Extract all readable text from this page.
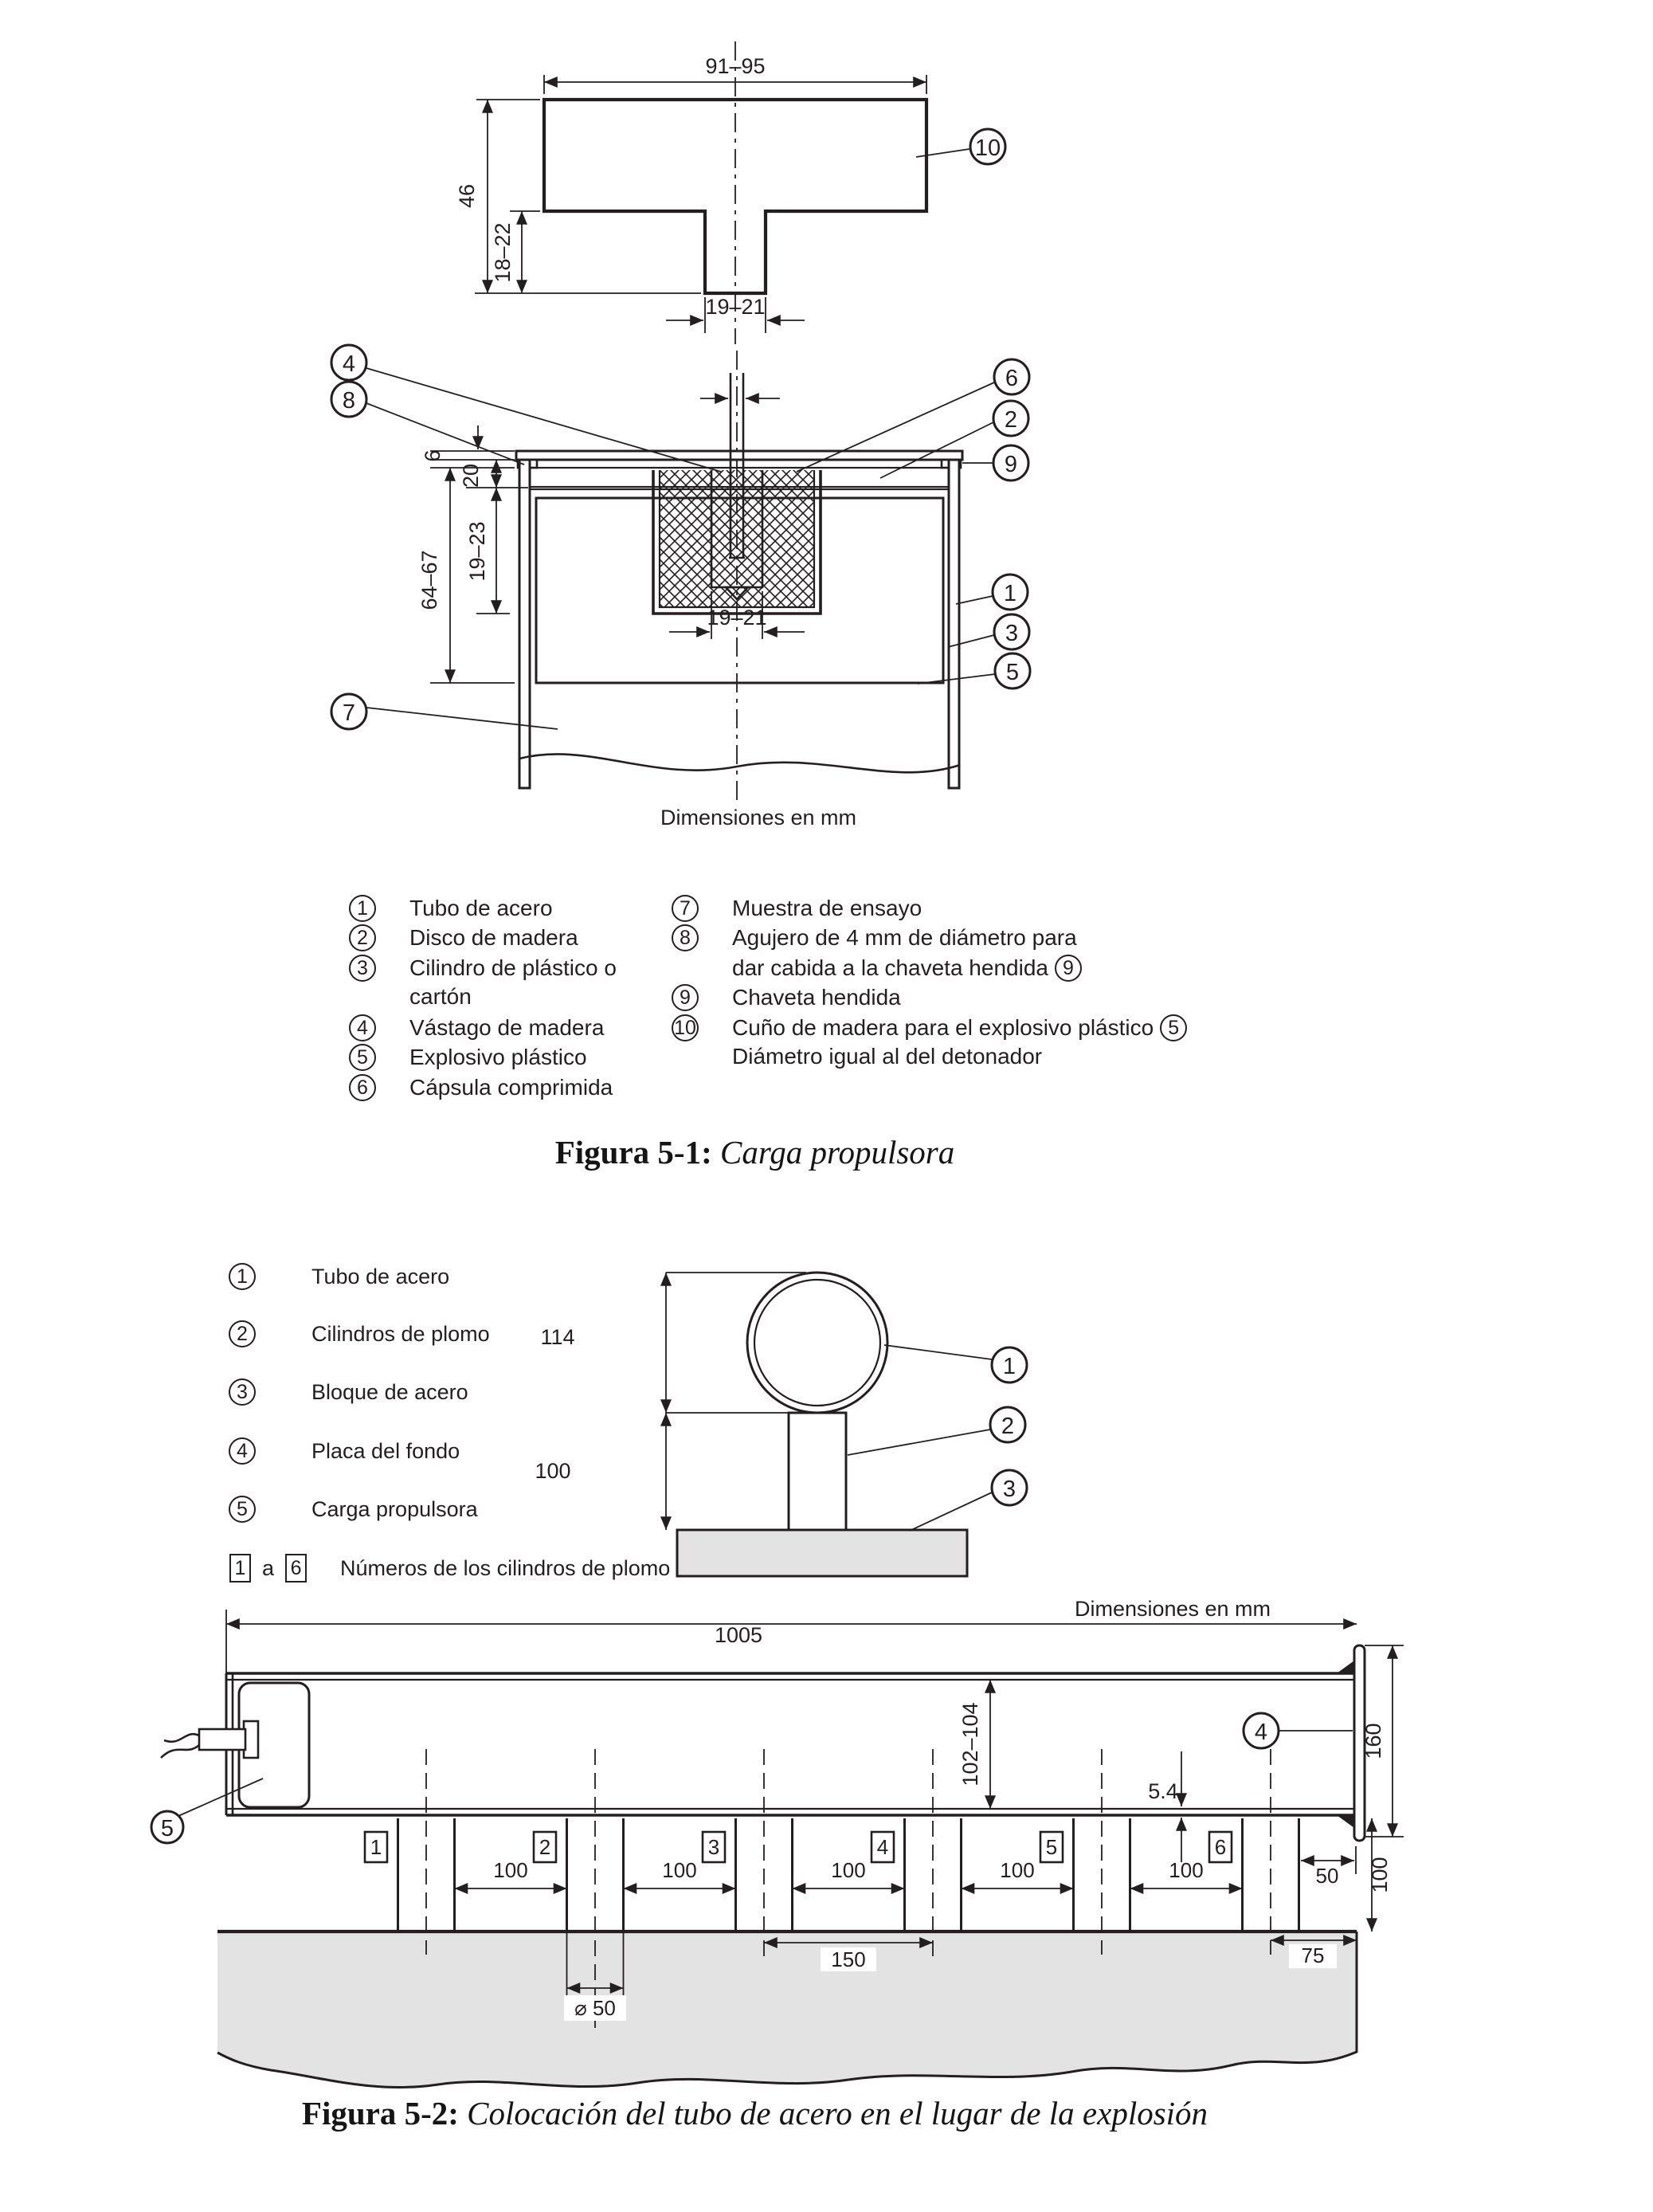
91–95
46
18–22
19–21
10
6
20
19–23
64–67
19–21
4
8
6
2
9
1
3
5
7
Dimensiones en mm
1	Tubo de acero
2	Disco de madera
3	Cilindro de plástico o
cartón
4	Vástago de madera
5	Explosivo plástico
6	Cápsula comprimida
7	Muestra de ensayo
8	Agujero de 4 mm de diámetro para
dar cabida a la chaveta hendida 9
9	Chaveta hendida
10 Cuño de madera para el explosivo plástico 5
Diámetro igual al del detonador
Figura 5-1: Carga propulsora
114
100
1
2
3
Dimensiones en mm
1005
1	2	3	4	5	6
5
4
102–104
5.4
160
50 100
100	100	100	100	100
75
150
⌀ 50
1	Tubo de acero
2	Cilindros de plomo
3	Bloque de acero
4	Placa del fondo
5	Carga propulsora
1 a 6 Números de los cilindros de plomo
Figura 5-2: Colocación del tubo de acero en el lugar de la explosión
